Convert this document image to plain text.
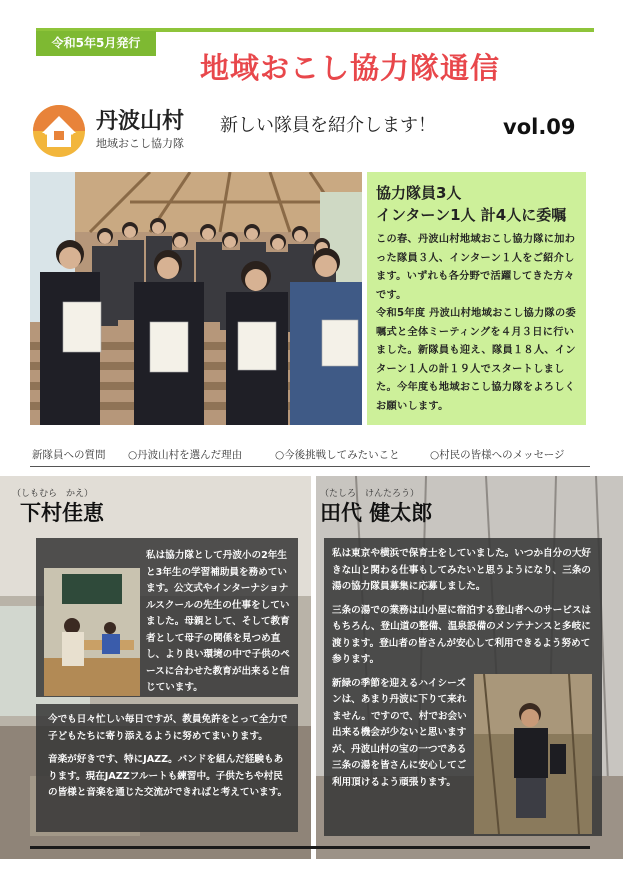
令和5年5月発行
地域おこし協力隊通信
丹波山村
地域おこし協力隊
新しい隊員を紹介します！	vol.09
協力隊員3人
インターン1人 計4人に委嘱

この春、丹波山村地域おこし協力隊に加わった隊員３人、インターン１人をご紹介します。いずれも各分野で活躍してきた方々です。

令和5年度 丹波山村地域おこし協力隊の委嘱式と全体ミーティングを４月３日に行いました。新隊員も迎え、隊員１８人、インターン１人の計１９人でスタートしました。今年度も地域おこし協力隊をよろしくお願いします。

新隊員への質問 ○丹波山村を選んだ理由	○今後挑戦してみたいこと	○村民の皆様へのメッセージ
（しもむら　かえ）
下村佳恵
私は協力隊として丹波小の2年生と3年生の学習補助員を務めています。公文式やインターナショナルスクールの先生の仕事をしていました。母親として、そして教育者として母子の関係を見つめ直し、より良い環境の中で子供のペースに合わせた教育が出来ると信じています。

今でも日々忙しい毎日ですが、教員免許をとって全力で子どもたちに寄り添えるように努めてまいります。

音楽が好きです、特にJAZZ。バンドを組んだ経験もあります。現在JAZZフルートも練習中。子供たちや村民の皆様と音楽を通じた交流ができればと考えています。

（たしろ　けんたろう）
田代 健太郎

私は東京や横浜で保育士をしていました。いつか自分の大好きな山と関わる仕事もしてみたいと思うようになり、三条の湯の協力隊員募集に応募しました。

三条の湯での業務は山小屋に宿泊する登山者へのサービスはもちろん、登山道の整備、温泉設備のメンテナンスと多岐に渡ります。登山者の皆さんが安心して利用できるよう努めて参ります。

新緑の季節を迎えるハイシーズンは、あまり丹波に下りて来れません。ですので、村でお会い出来る機会が少ないと思いますが、丹波山村の宝の一つである三条の湯を皆さんに安心してご利用頂けるよう頑張ります。
